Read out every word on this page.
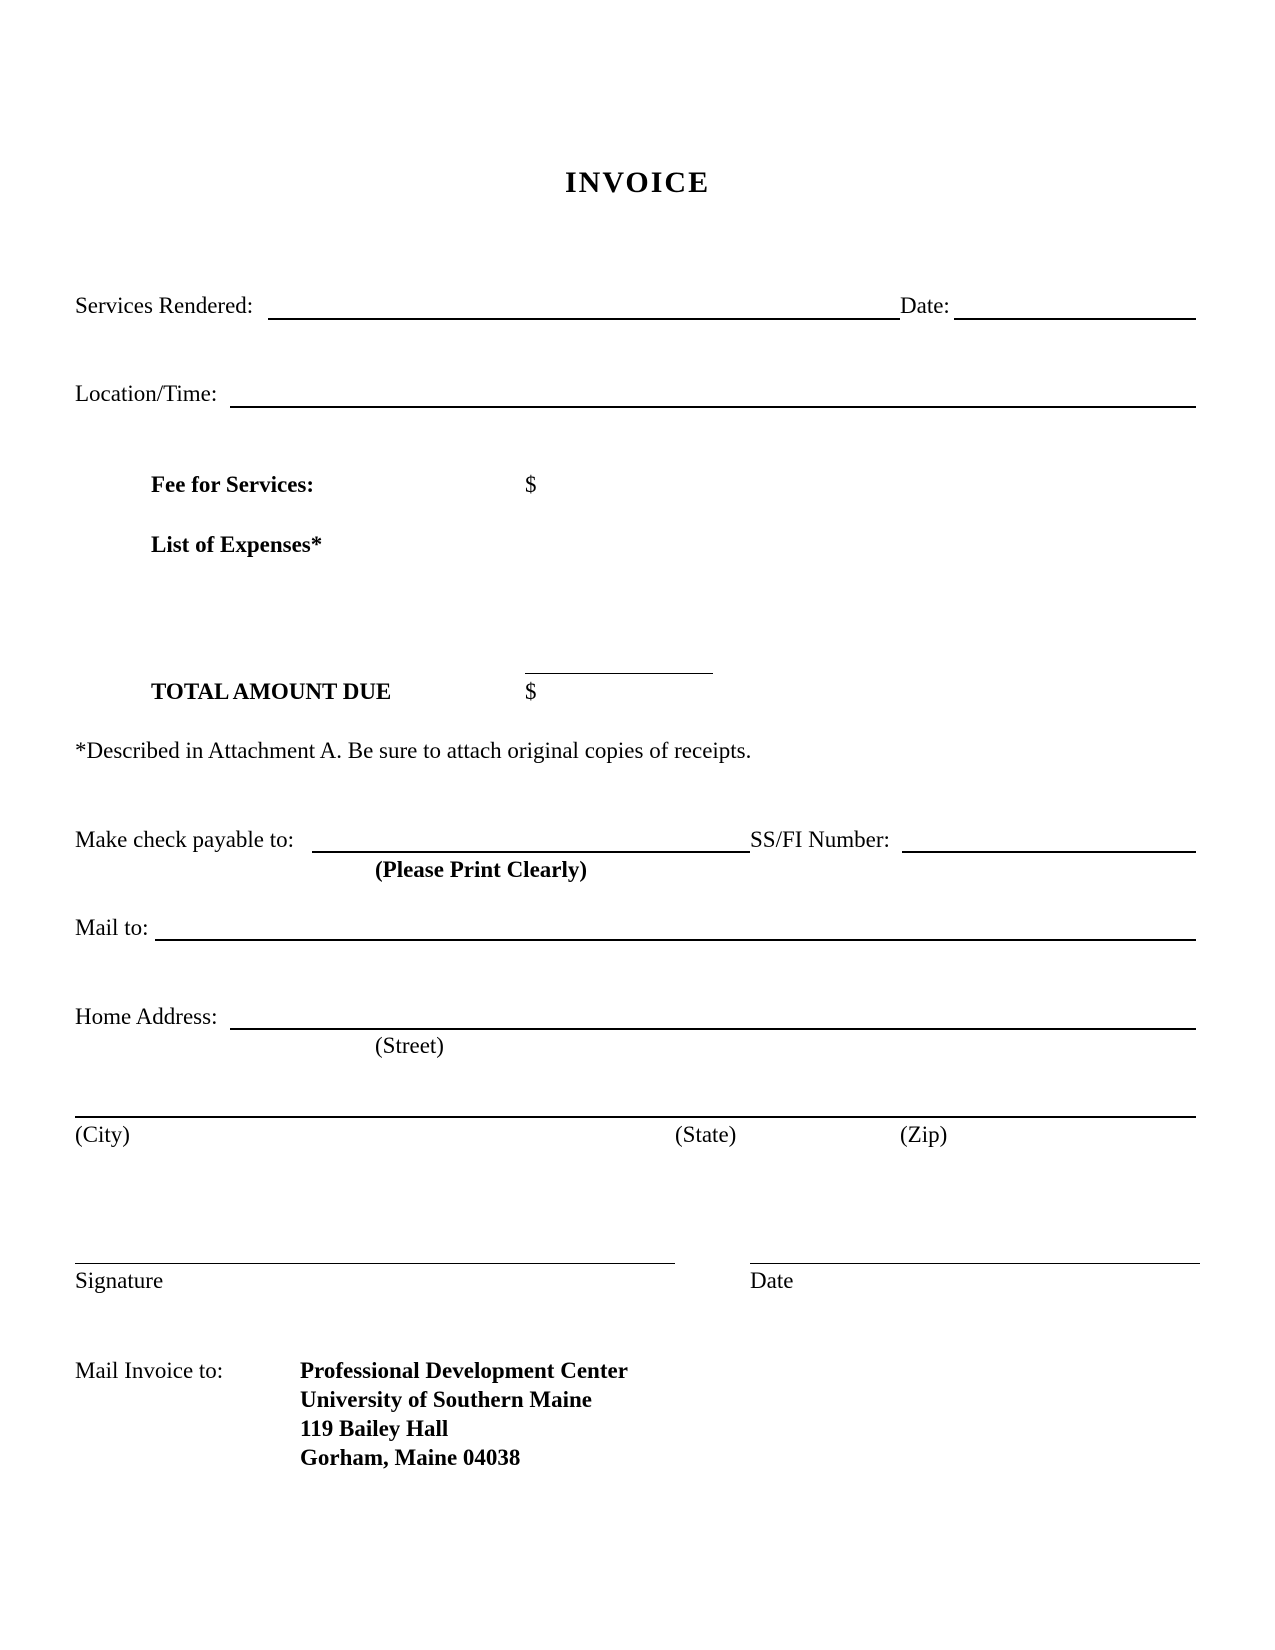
INVOICE
Services Rendered:	Date:
Location/Time:
Fee for Services:	$
List of Expenses*
TOTAL AMOUNT DUE	$
*Described in Attachment A. Be sure to attach original copies of receipts.
Make check payable to:	SS/FI Number:
(Please Print Clearly)
Mail to:
Home Address:
(Street)
(City)	(State)	(Zip)
Signature	Date
Mail Invoice to:	Professional Development Center
University of Southern Maine
119 Bailey Hall
Gorham, Maine 04038
